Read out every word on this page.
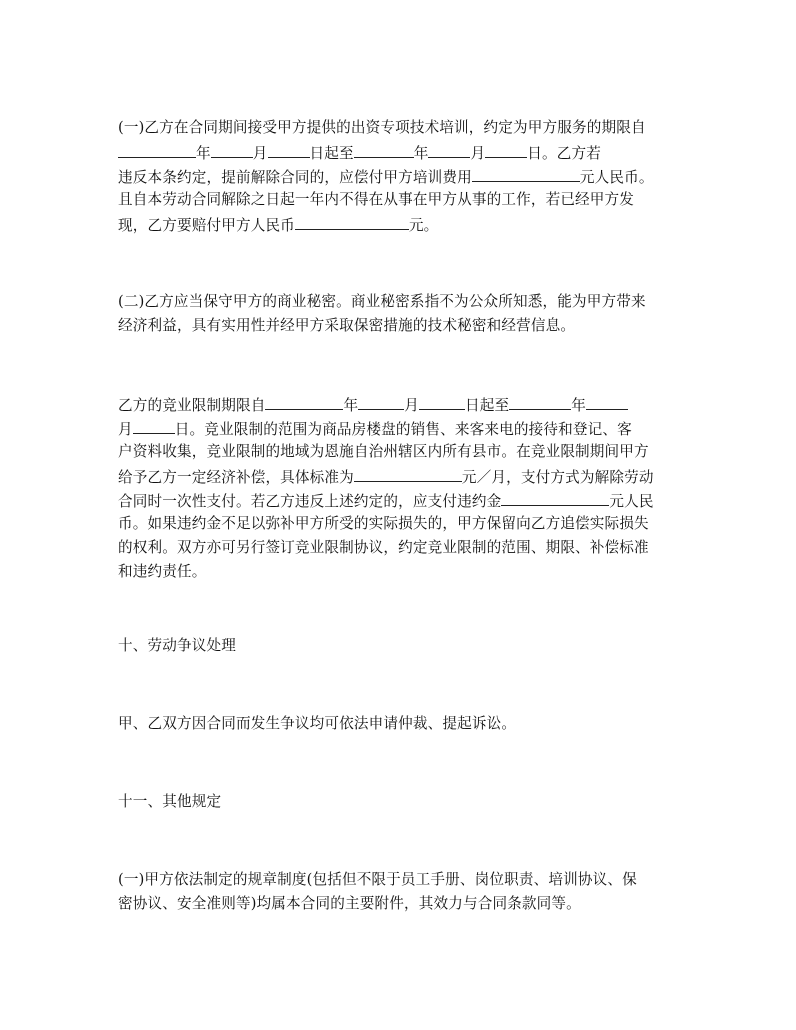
(一)乙方在合同期间接受甲方提供的出资专项技术培训，约定为甲方服务的期限自
年	月	日起至	年	月	日。乙方若
违反本条约定，提前解除合同的，应偿付甲方培训费用	元人民币。
且自本劳动合同解除之日起一年内不得在从事在甲方从事的工作，若已经甲方发
现，乙方要赔付甲方人民币	元。
(二)乙方应当保守甲方的商业秘密。商业秘密系指不为公众所知悉，能为甲方带来
经济利益，具有实用性并经甲方采取保密措施的技术秘密和经营信息。
乙方的竞业限制期限自	年	月	日起至	年
月	日。竞业限制的范围为商品房楼盘的销售、来客来电的接待和登记、客
户资料收集，竞业限制的地域为恩施自治州辖区内所有县市。在竞业限制期间甲方
给予乙方一定经济补偿，具体标准为	元／月，支付方式为解除劳动
合同时一次性支付。若乙方违反上述约定的，应支付违约金	元人民
币。如果违约金不足以弥补甲方所受的实际损失的，甲方保留向乙方追偿实际损失
的权利。双方亦可另行签订竞业限制协议，约定竞业限制的范围、期限、补偿标准
和违约责任。
十、劳动争议处理
甲、乙双方因合同而发生争议均可依法申请仲裁、提起诉讼。
十一、其他规定
(一)甲方依法制定的规章制度(包括但不限于员工手册、岗位职责、培训协议、保
密协议、安全准则等)均属本合同的主要附件，其效力与合同条款同等。
